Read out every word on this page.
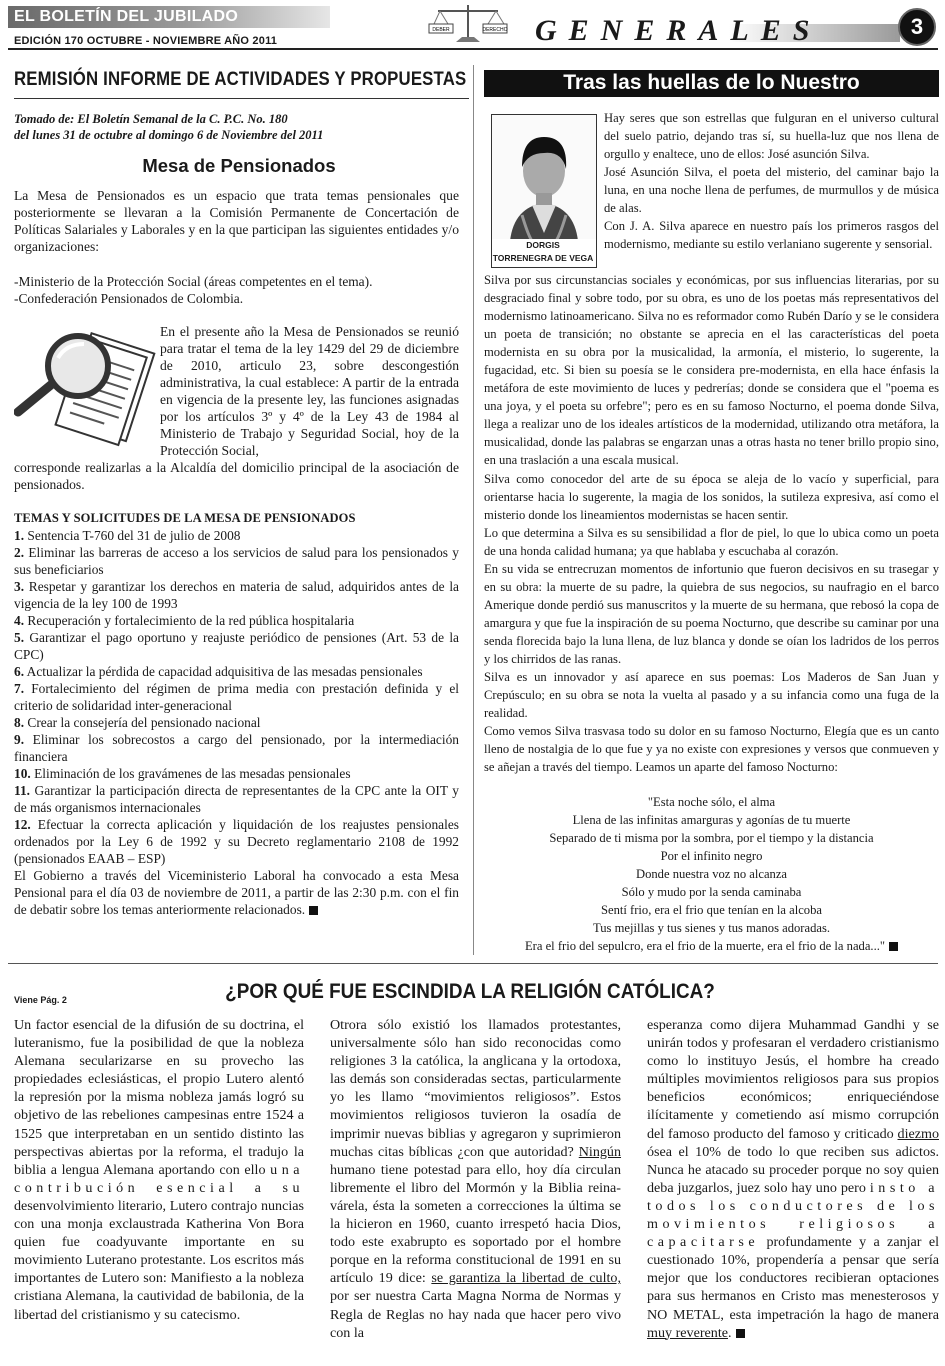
EL BOLETÍN DEL JUBILADO
EDICIÓN 170 OCTUBRE - NOVIEMBRE AÑO 2011
DEBER	DERECHO GENERALES	3
REMISIÓN INFORME DE ACTIVIDADES Y PROPUESTAS
Tomado de: El Boletín Semanal de la C. P.C. No. 180
del lunes 31 de octubre al domingo 6 de Noviembre del 2011
Mesa de Pensionados
La Mesa de Pensionados es un espacio que trata temas pensionales que posteriormente se llevaran a la Comisión Permanente de Concertación de Políticas Salariales y Laborales y en la que participan las siguientes entidades y/o organizaciones:
-Ministerio de la Protección Social (áreas competentes en el tema).
-Confederación Pensionados de Colombia.
En el presente año la Mesa de Pensionados se reunió para tratar el tema de la ley 1429 del 29 de diciembre de 2010, articulo 23, sobre descongestión administrativa, la cual establece: A partir de la entrada en vigencia de la presente ley, las funciones asignadas por los artículos 3º y 4º de la Ley 43 de 1984 al Ministerio de Trabajo y Seguridad Social, hoy de la Protección Social,
corresponde realizarlas a la Alcaldía del domicilio principal de la asociación de pensionados.
TEMAS Y SOLICITUDES DE LA MESA DE PENSIONADOS
1. Sentencia T-760 del 31 de julio de 2008
2. Eliminar las barreras de acceso a los servicios de salud para los pensionados y sus beneficiarios
3. Respetar y garantizar los derechos en materia de salud, adquiridos antes de la vigencia de la ley 100 de 1993
4. Recuperación y fortalecimiento de la red pública hospitalaria
5. Garantizar el pago oportuno y reajuste periódico de pensiones (Art. 53 de la CPC)
6. Actualizar la pérdida de capacidad adquisitiva de las mesadas pensionales
7. Fortalecimiento del régimen de prima media con prestación definida y el criterio de solidaridad inter-generacional
8. Crear la consejería del pensionado nacional
9. Eliminar los sobrecostos a cargo del pensionado, por la intermediación financiera
10. Eliminación de los gravámenes de las mesadas pensionales
11. Garantizar la participación directa de representantes de la CPC ante la OIT y de más organismos internacionales
12. Efectuar la correcta aplicación y liquidación de los reajustes pensionales ordenados por la Ley 6 de 1992 y su Decreto reglamentario 2108 de 1992 (pensionados EAAB – ESP)
El Gobierno a través del Viceministerio Laboral ha convocado a esta Mesa Pensional para el día 03 de noviembre de 2011, a partir de las 2:30 p.m. con el fin de debatir sobre los temas anteriormente relacionados.
Tras las huellas de lo Nuestro
DORGIS
TORRENEGRA DE VEGA
Hay seres que son estrellas que fulguran en el universo cultural del suelo patrio, dejando tras sí, su huella-luz que nos llena de orgullo y enaltece, uno de ellos: José asunción Silva.
José Asunción Silva, el poeta del misterio, del caminar bajo la luna, en una noche llena de perfumes, de murmullos y de música de alas.
Con J. A. Silva aparece en nuestro país los primeros rasgos del modernismo, mediante su estilo verlaniano sugerente y sensorial.

Silva por sus circunstancias sociales y económicas, por sus influencias literarias, por su desgraciado final y sobre todo, por su obra, es uno de los poetas más representativos del modernismo latinoamericano. Silva no es reformador como Rubén Darío y se le considera un poeta de transición; no obstante se aprecia en el las características del poeta modernista en su obra por la musicalidad, la armonía, el misterio, lo sugerente, la fugacidad, etc. Si bien su poesía se le considera pre-modernista, en ella hace énfasis la metáfora de este movimiento de luces y pedrerías; donde se considera que el "poema es una joya, y el poeta su orfebre"; pero es en su famoso Nocturno, el poema donde Silva, llega a realizar uno de los ideales artísticos de la modernidad, utilizando otra metáfora, la musicalidad, donde las palabras se engarzan unas a otras hasta no tener brillo propio sino, en una traslación a una escala musical.

Silva como conocedor del arte de su época se aleja de lo vacío y superficial, para orientarse hacia lo sugerente, la magia de los sonidos, la sutileza expresiva, así como el misterio donde los lineamientos modernistas se hacen sentir.

Lo que determina a Silva es su sensibilidad a flor de piel, lo que lo ubica como un poeta de una honda calidad humana; ya que hablaba y escuchaba al corazón.

En su vida se entrecruzan momentos de infortunio que fueron decisivos en su trasegar y en su obra: la muerte de su padre, la quiebra de sus negocios, su naufragio en el barco Amerique donde perdió sus manuscritos y la muerte de su hermana, que rebosó la copa de amargura y que fue la inspiración de su poema Nocturno, que describe su caminar por una senda florecida bajo la luna llena, de luz blanca y donde se oían los ladridos de los perros y los chirridos de las ranas.

Silva es un innovador y así aparece en sus poemas: Los Maderos de San Juan y Crepúsculo; en su obra se nota la vuelta al pasado y a su infancia como una fuga de la realidad.

Como vemos Silva trasvasa todo su dolor en su famoso Nocturno, Elegía que es un canto lleno de nostalgia de lo que fue y ya no existe con expresiones y versos que conmueven y se añejan a través del tiempo. Leamos un aparte del famoso Nocturno:

"Esta noche sólo, el alma
Llena de las infinitas amarguras y agonías de tu muerte
Separado de ti misma por la sombra, por el tiempo y la distancia
Por el infinito negro
Donde nuestra voz no alcanza
Sólo y mudo por la senda caminaba
Sentí frio, era el frio que tenían en la alcoba
Tus mejillas y tus sienes y tus manos adoradas.
Era el frio del sepulcro, era el frio de la muerte, era el frio de la nada..."
Viene Pág. 2	¿POR QUÉ FUE ESCINDIDA LA RELIGIÓN CATÓLICA?
Un factor esencial de la difusión de su doctrina, el luteranismo, fue la posibilidad de que la nobleza Alemana secularizarse en su provecho las propiedades eclesiásticas, el propio Lutero alentó la represión por la misma nobleza jamás logró su objetivo de las rebeliones campesinas entre 1524 a 1525 que interpretaban en un sentido distinto las perspectivas abiertas por la reforma, el tradujo la biblia a lengua Alemana aportando con ello una contribución esencial a su desenvolvimiento literario, Lutero contrajo nuncias con una monja exclaustrada Katherina Von Bora quien fue coadyuvante importante en su movimiento Luterano protestante. Los escritos más importantes de Lutero son: Manifiesto a la nobleza cristiana Alemana, la cautividad de babilonia, de la libertad del cristianismo y su catecismo.
Otrora sólo existió los llamados protestantes, universalmente sólo han sido reconocidas como religiones 3 la católica, la anglicana y la ortodoxa, las demás son consideradas sectas, particularmente yo les llamo “movimientos religiosos”. Estos movimientos religiosos tuvieron la osadía de imprimir nuevas biblias y agregaron y suprimieron muchas citas bíblicas ¿con que autoridad? Ningún humano tiene potestad para ello, hoy día circulan libremente el libro del Mormón y la Biblia reina-várela, ésta la someten a correcciones la última se la hicieron en 1960, cuanto irrespetó hacia Dios, todo este exabrupto es soportado por el hombre porque en la reforma constitucional de 1991 en su artículo 19 dice: se garantiza la libertad de culto, por ser nuestra Carta Magna Norma de Normas y Regla de Reglas no hay nada que hacer pero vivo con la
esperanza como dijera Muhammad Gandhi y se unirán todos y profesaran el verdadero cristianismo como lo instituyo Jesús, el hombre ha creado múltiples movimientos religiosos para sus propios beneficios económicos; enriqueciéndose ilícitamente y cometiendo así mismo corrupción del famoso producto del famoso y criticado diezmo ósea el 10% de todo lo que reciben sus adictos. Nunca he atacado su proceder porque no soy quien deba juzgarlos, juez solo hay uno pero insto a todos los conductores de los movimientos religiosos a capacitarse profundamente y a zanjar el cuestionado 10%, propendería a pensar que sería mejor que los conductores recibieran optaciones para sus hermanos en Cristo mas menesterosos y NO METAL, esta impetración la hago de manera muy reverente.
